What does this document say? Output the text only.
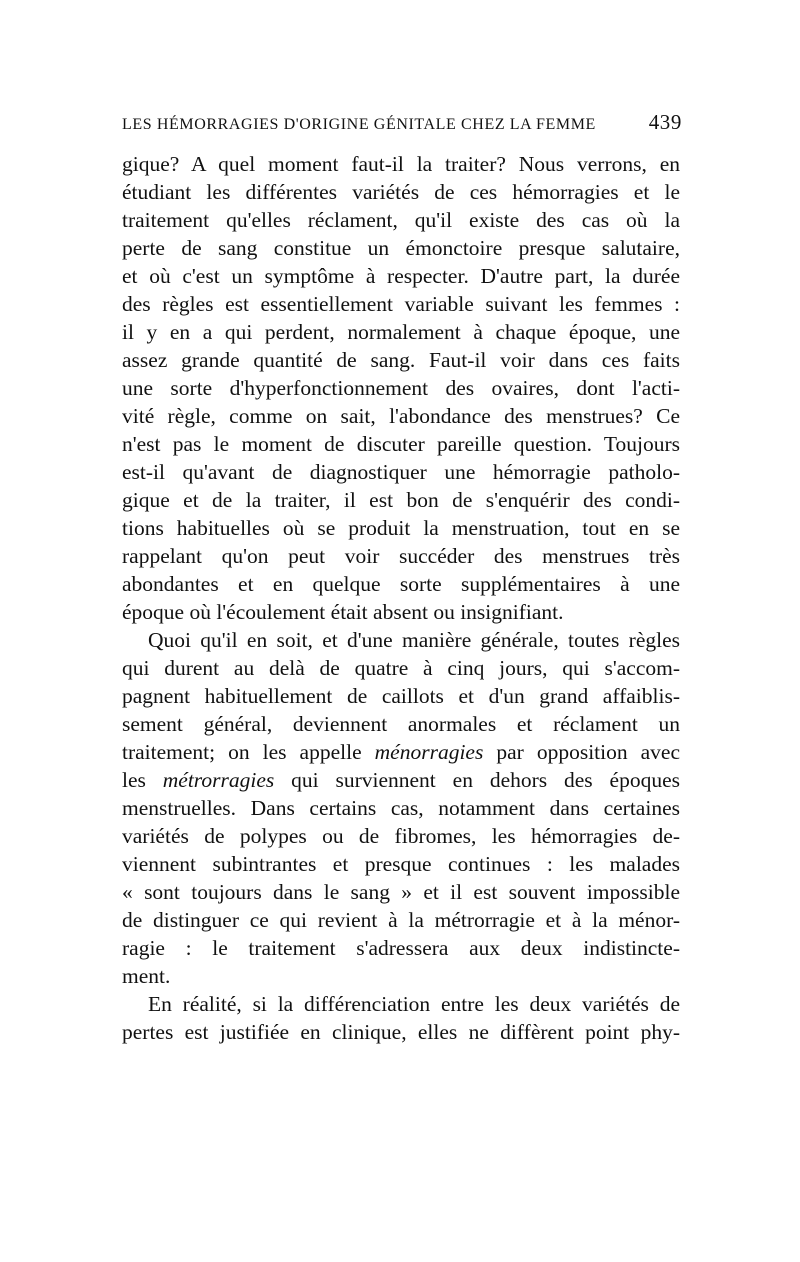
LES HÉMORRAGIES D'ORIGINE GÉNITALE CHEZ LA FEMME	439
gique? A quel moment faut-il la traiter? Nous verrons, en
étudiant les différentes variétés de ces hémorragies et le
traitement qu'elles réclament, qu'il existe des cas où la
perte de sang constitue un émonctoire presque salutaire,
et où c'est un symptôme à respecter. D'autre part, la durée
des règles est essentiellement variable suivant les femmes :
il y en a qui perdent, normalement à chaque époque, une
assez grande quantité de sang. Faut-il voir dans ces faits
une sorte d'hyperfonctionnement des ovaires, dont l'acti-
vité règle, comme on sait, l'abondance des menstrues? Ce
n'est pas le moment de discuter pareille question. Toujours
est-il qu'avant de diagnostiquer une hémorragie patholo-
gique et de la traiter, il est bon de s'enquérir des condi-
tions habituelles où se produit la menstruation, tout en se
rappelant qu'on peut voir succéder des menstrues très
abondantes et en quelque sorte supplémentaires à une
époque où l'écoulement était absent ou insignifiant.
Quoi qu'il en soit, et d'une manière générale, toutes règles
qui durent au delà de quatre à cinq jours, qui s'accom-
pagnent habituellement de caillots et d'un grand affaiblis-
sement général, deviennent anormales et réclament un
traitement; on les appelle ménorragies par opposition avec
les métrorragies qui surviennent en dehors des époques
menstruelles. Dans certains cas, notamment dans certaines
variétés de polypes ou de fibromes, les hémorragies de-
viennent subintrantes et presque continues : les malades
« sont toujours dans le sang » et il est souvent impossible
de distinguer ce qui revient à la métrorragie et à la ménor-
ragie : le traitement s'adressera aux deux indistincte-
ment.
En réalité, si la différenciation entre les deux variétés de
pertes est justifiée en clinique, elles ne diffèrent point phy-
